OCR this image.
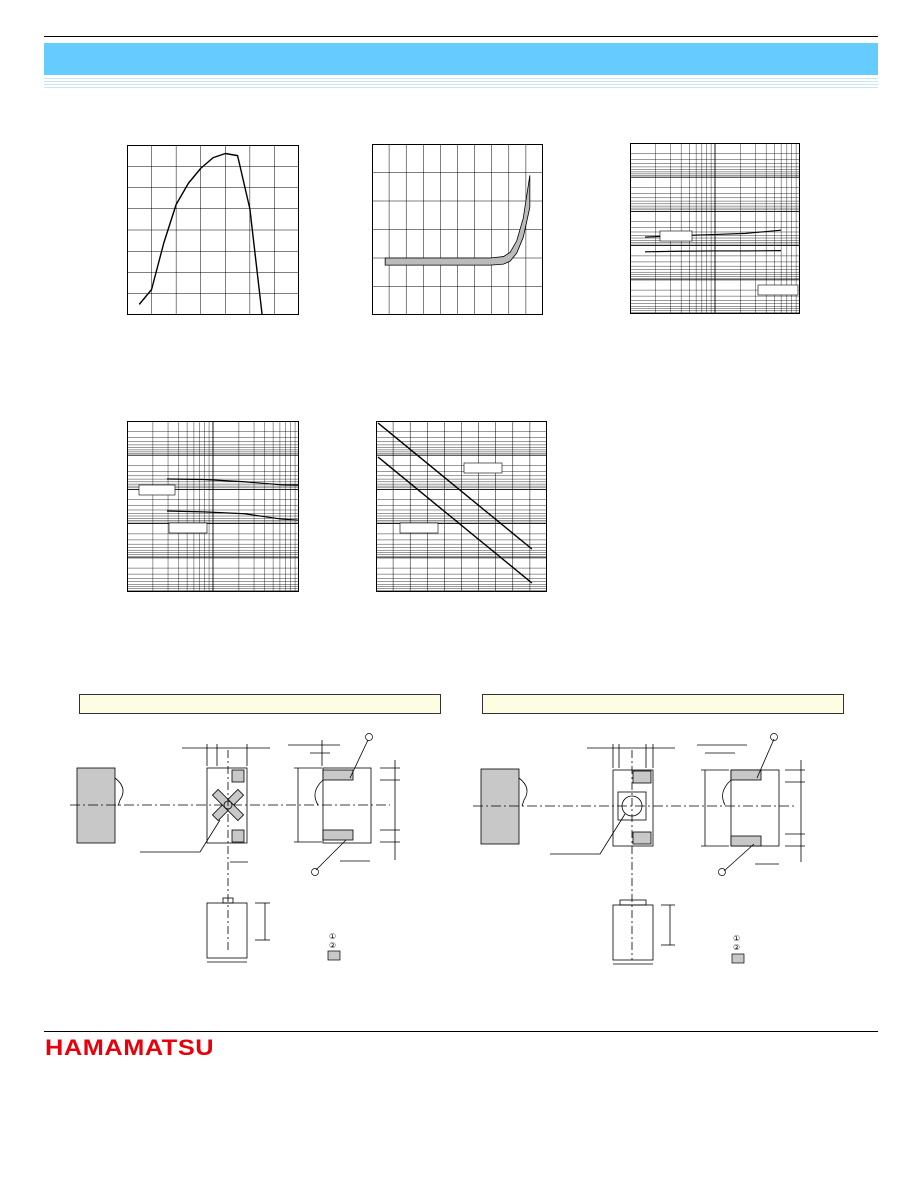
①
②
①
②
HAMAMATSU
